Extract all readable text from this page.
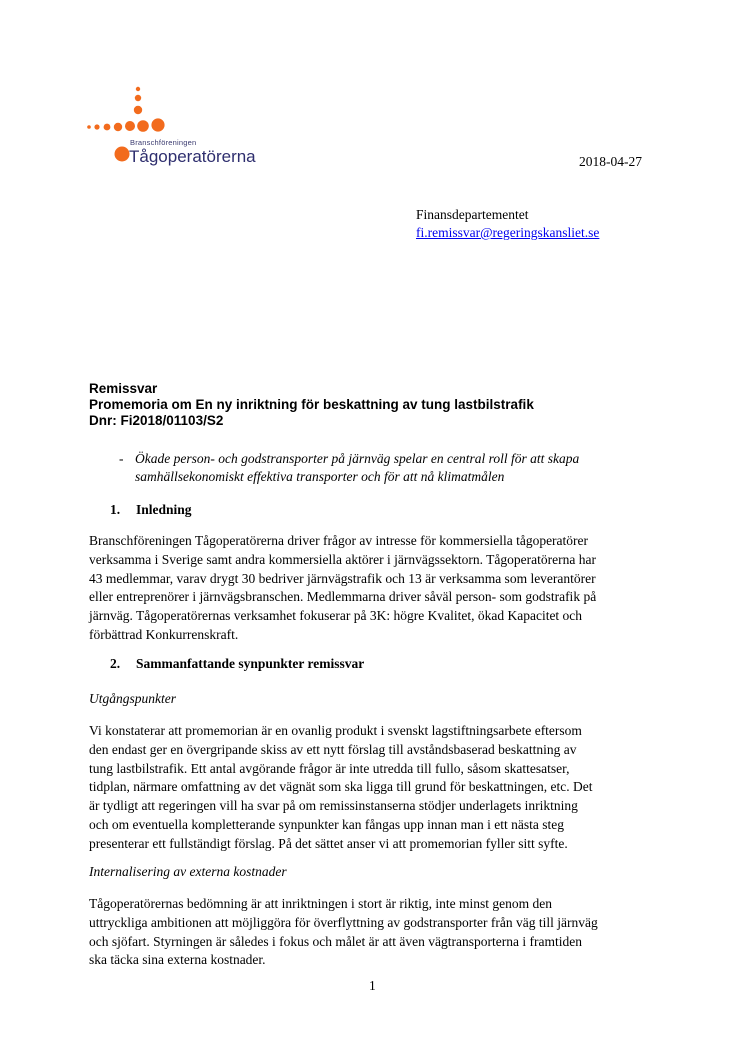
Branschföreningen
Tågoperatörerna	2018-04-27
Finansdepartementet
fi.remissvar@regeringskansliet.se
Remissvar
Promemoria om En ny inriktning för beskattning av tung lastbilstrafik
Dnr: Fi2018/01103/S2
- Ökade person- och godstransporter på järnväg spelar en central roll för att skapa
samhällsekonomiskt effektiva transporter och för att nå klimatmålen
1. Inledning

Branschföreningen Tågoperatörerna driver frågor av intresse för kommersiella tågoperatörer

verksamma i Sverige samt andra kommersiella aktörer i järnvägssektorn. Tågoperatörerna har

43 medlemmar, varav drygt 30 bedriver järnvägstrafik och 13 är verksamma som leverantörer

eller entreprenörer i järnvägsbranschen. Medlemmarna driver såväl person- som godstrafik på

järnväg. Tågoperatörernas verksamhet fokuserar på 3K: högre Kvalitet, ökad Kapacitet och

förbättrad Konkurrenskraft.

2. Sammanfattande synpunkter remissvar
Utgångspunkter

Vi konstaterar att promemorian är en ovanlig produkt i svenskt lagstiftningsarbete eftersom

den endast ger en övergripande skiss av ett nytt förslag till avståndsbaserad beskattning av

tung lastbilstrafik. Ett antal avgörande frågor är inte utredda till fullo, såsom skattesatser,

tidplan, närmare omfattning av det vägnät som ska ligga till grund för beskattningen, etc. Det

är tydligt att regeringen vill ha svar på om remissinstanserna stödjer underlagets inriktning

och om eventuella kompletterande synpunkter kan fångas upp innan man i ett nästa steg

presenterar ett fullständigt förslag. På det sättet anser vi att promemorian fyller sitt syfte.

Internalisering av externa kostnader

Tågoperatörernas bedömning är att inriktningen i stort är riktig, inte minst genom den

uttryckliga ambitionen att möjliggöra för överflyttning av godstransporter från väg till järnväg

och sjöfart. Styrningen är således i fokus och målet är att även vägtransporterna i framtiden

ska täcka sina externa kostnader.

1
